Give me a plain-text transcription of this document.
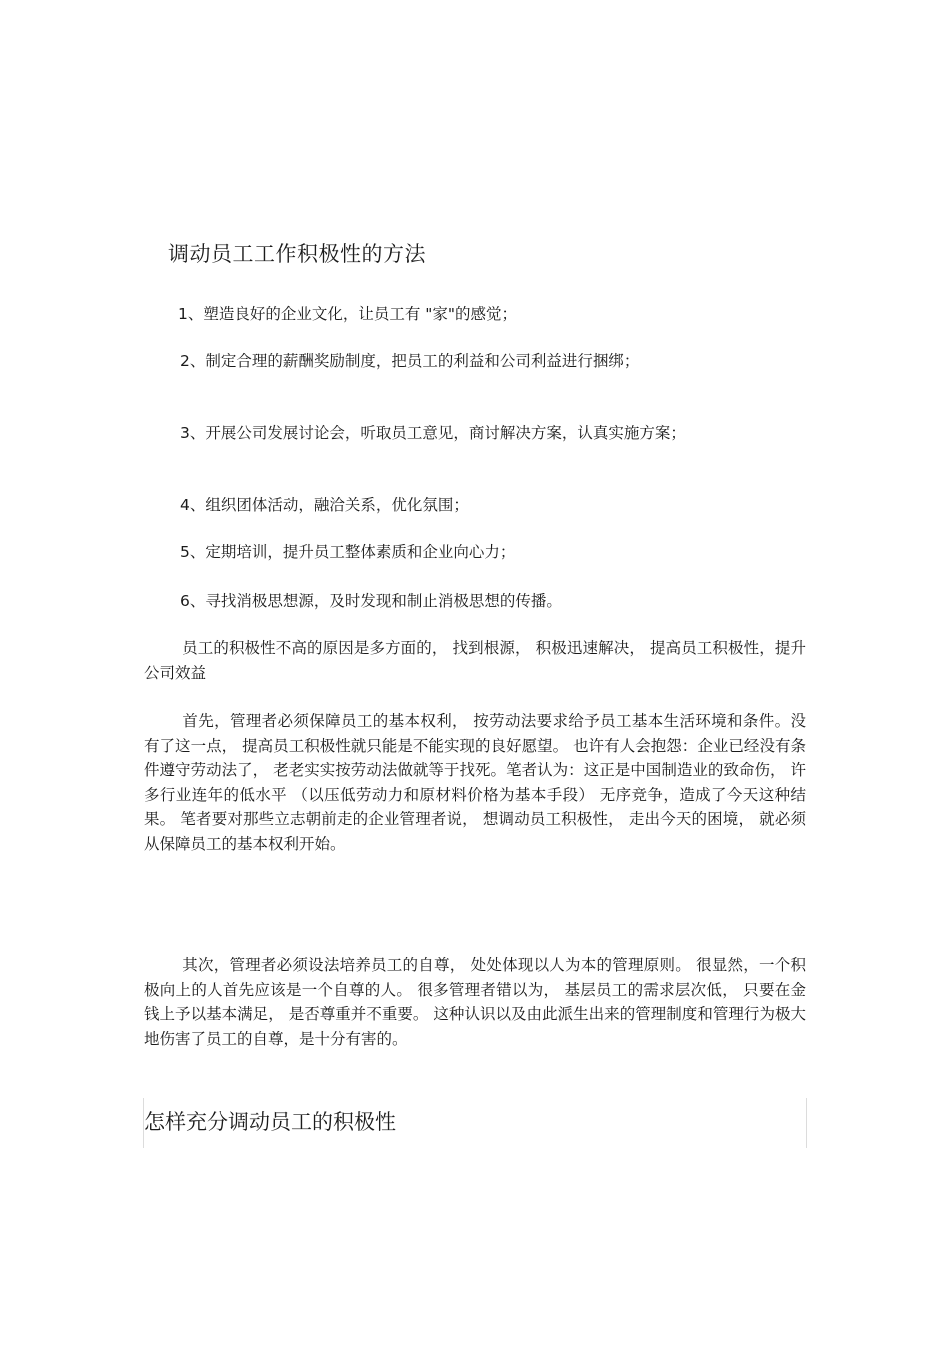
调动员工工作积极性的方法
1、塑造良好的企业文化，让员工有 "家"的感觉；
2、制定合理的薪酬奖励制度，把员工的利益和公司利益进行捆绑；
3、开展公司发展讨论会，听取员工意见，商讨解决方案，认真实施方案；
4、组织团体活动，融洽关系，优化氛围；
5、定期培训，提升员工整体素质和企业向心力；
6、寻找消极思想源，及时发现和制止消极思想的传播。
员工的积极性不高的原因是多方面的， 找到根源， 积极迅速解决， 提高员工积极性，提升公司效益
首先，管理者必须保障员工的基本权利， 按劳动法要求给予员工基本生活环境和条件。没有了这一点， 提高员工积极性就只能是不能实现的良好愿望。 也许有人会抱怨：企业已经没有条件遵守劳动法了， 老老实实按劳动法做就等于找死。笔者认为：这正是中国制造业的致命伤， 许多行业连年的低水平 （以压低劳动力和原材料价格为基本手段） 无序竞争，造成了今天这种结果。 笔者要对那些立志朝前走的企业管理者说， 想调动员工积极性， 走出今天的困境， 就必须从保障员工的基本权利开始。
其次，管理者必须设法培养员工的自尊， 处处体现以人为本的管理原则。 很显然，一个积极向上的人首先应该是一个自尊的人。 很多管理者错以为， 基层员工的需求层次低， 只要在金钱上予以基本满足， 是否尊重并不重要。 这种认识以及由此派生出来的管理制度和管理行为极大地伤害了员工的自尊，是十分有害的。
怎样充分调动员工的积极性
